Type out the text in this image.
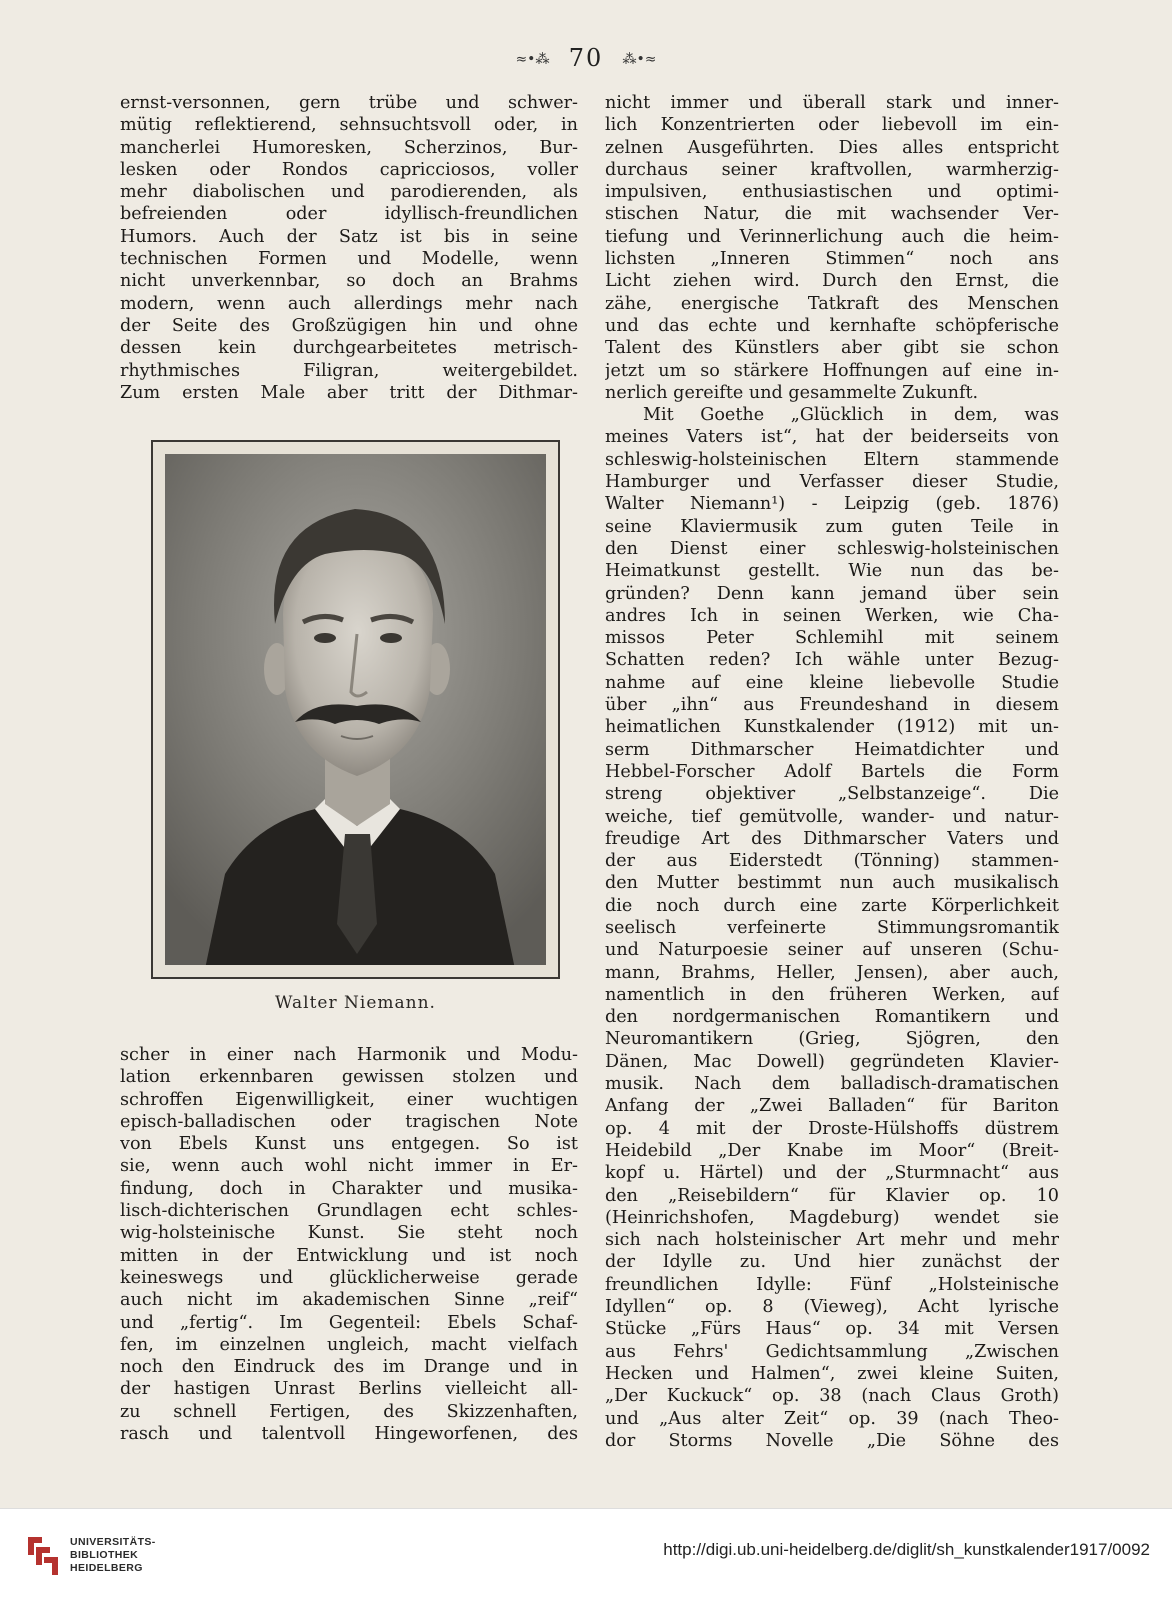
≈•⁂ 70 ⁂•≈
ernst-versonnen, gern trübe und schwer-
mütig reflektierend, sehnsuchtsvoll oder, in
mancherlei Humoresken, Scherzinos, Bur-
lesken oder Rondos capricciosos, voller
mehr diabolischen und parodierenden, als
befreienden oder idyllisch-freundlichen
Humors. Auch der Satz ist bis in seine
technischen Formen und Modelle, wenn
nicht unverkennbar, so doch an Brahms
modern, wenn auch allerdings mehr nach
der Seite des Großzügigen hin und ohne
dessen kein durchgearbeitetes metrisch-
rhythmisches Filigran, weitergebildet.
Zum ersten Male aber tritt der Dithmar-
Walter Niemann.
scher in einer nach Harmonik und Modu-
lation erkennbaren gewissen stolzen und
schroffen Eigenwilligkeit, einer wuchtigen
episch-balladischen oder tragischen Note
von Ebels Kunst uns entgegen. So ist
sie, wenn auch wohl nicht immer in Er-
findung, doch in Charakter und musika-
lisch-dichterischen Grundlagen echt schles-
wig-holsteinische Kunst. Sie steht noch
mitten in der Entwicklung und ist noch
keineswegs und glücklicherweise gerade
auch nicht im akademischen Sinne „reif“
und „fertig“. Im Gegenteil: Ebels Schaf-
fen, im einzelnen ungleich, macht vielfach
noch den Eindruck des im Drange und in
der hastigen Unrast Berlins vielleicht all-
zu schnell Fertigen, des Skizzenhaften,
rasch und talentvoll Hingeworfenen, des
nicht immer und überall stark und inner-
lich Konzentrierten oder liebevoll im ein-
zelnen Ausgeführten. Dies alles entspricht
durchaus seiner kraftvollen, warmherzig-
impulsiven, enthusiastischen und optimi-
stischen Natur, die mit wachsender Ver-
tiefung und Verinnerlichung auch die heim-
lichsten „Inneren Stimmen“ noch ans
Licht ziehen wird. Durch den Ernst, die
zähe, energische Tatkraft des Menschen
und das echte und kernhafte schöpferische
Talent des Künstlers aber gibt sie schon
jetzt um so stärkere Hoffnungen auf eine in-
nerlich gereifte und gesammelte Zukunft.
Mit Goethe „Glücklich in dem, was
meines Vaters ist“, hat der beiderseits von
schleswig-holsteinischen Eltern stammende
Hamburger und Verfasser dieser Studie,
Walter Niemann¹) - Leipzig (geb. 1876)
seine Klaviermusik zum guten Teile in
den Dienst einer schleswig-holsteinischen
Heimatkunst gestellt. Wie nun das be-
gründen? Denn kann jemand über sein
andres Ich in seinen Werken, wie Cha-
missos Peter Schlemihl mit seinem
Schatten reden? Ich wähle unter Bezug-
nahme auf eine kleine liebevolle Studie
über „ihn“ aus Freundeshand in diesem
heimatlichen Kunstkalender (1912) mit un-
serm Dithmarscher Heimatdichter und
Hebbel-Forscher Adolf Bartels die Form
streng objektiver „Selbstanzeige“. Die
weiche, tief gemütvolle, wander- und natur-
freudige Art des Dithmarscher Vaters und
der aus Eiderstedt (Tönning) stammen-
den Mutter bestimmt nun auch musikalisch
die noch durch eine zarte Körperlichkeit
seelisch verfeinerte Stimmungsromantik
und Naturpoesie seiner auf unseren (Schu-
mann, Brahms, Heller, Jensen), aber auch,
namentlich in den früheren Werken, auf
den nordgermanischen Romantikern und
Neuromantikern (Grieg, Sjögren, den
Dänen, Mac Dowell) gegründeten Klavier-
musik. Nach dem balladisch-dramatischen
Anfang der „Zwei Balladen“ für Bariton
op. 4 mit der Droste-Hülshoffs düstrem
Heidebild „Der Knabe im Moor“ (Breit-
kopf u. Härtel) und der „Sturmnacht“ aus
den „Reisebildern“ für Klavier op. 10
(Heinrichshofen, Magdeburg) wendet sie
sich nach holsteinischer Art mehr und mehr
der Idylle zu. Und hier zunächst der
freundlichen Idylle: Fünf „Holsteinische
Idyllen“ op. 8 (Vieweg), Acht lyrische
Stücke „Fürs Haus“ op. 34 mit Versen
aus Fehrs' Gedichtsammlung „Zwischen
Hecken und Halmen“, zwei kleine Suiten,
„Der Kuckuck“ op. 38 (nach Claus Groth)
und „Aus alter Zeit“ op. 39 (nach Theo-
dor Storms Novelle „Die Söhne des
UNIVERSITÄTS-
BIBLIOTHEK
HEIDELBERG
http://digi.ub.uni-heidelberg.de/diglit/sh_kunstkalender1917/0092
